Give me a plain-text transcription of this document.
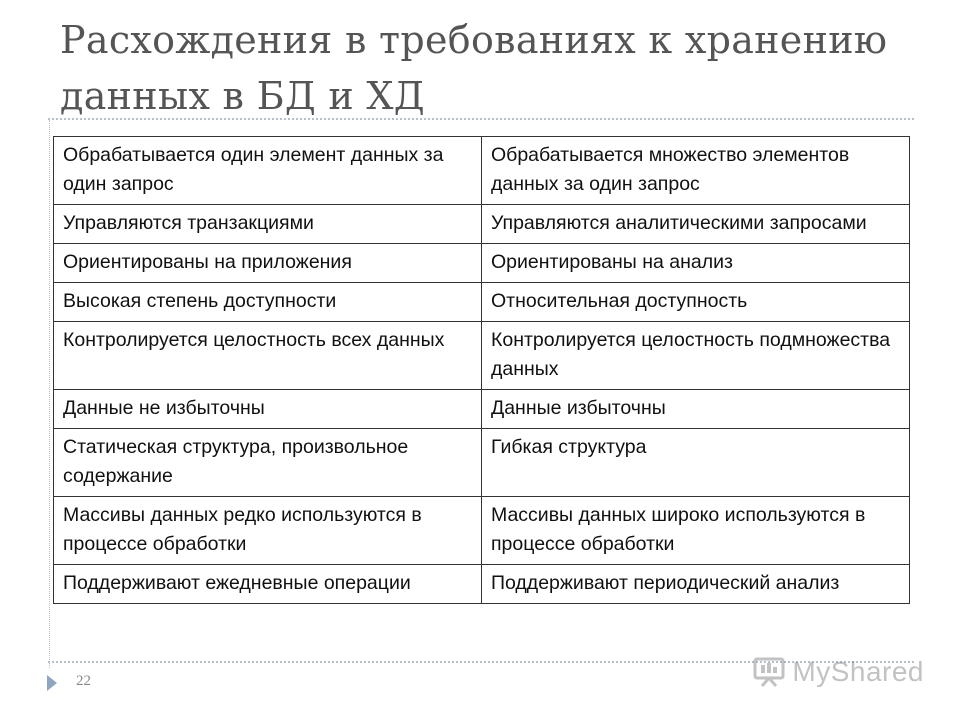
Расхождения в требованиях к хранению
данных в БД и ХД
Обрабатывается один элемент данных за один запрос	Обрабатывается множество элементов данных за один запрос
Управляются транзакциями	Управляются аналитическими запросами
Ориентированы на приложения	Ориентированы на анализ
Высокая степень доступности	Относительная доступность
Контролируется целостность всех данных	Контролируется целостность подмножества данных
Данные не избыточны	Данные избыточны
Статическая структура, произвольное содержание	Гибкая структура
Массивы данных редко используются в процессе обработки	Массивы данных широко используются в процессе обработки
Поддерживают ежедневные операции	Поддерживают периодический анализ
22	MyShared
